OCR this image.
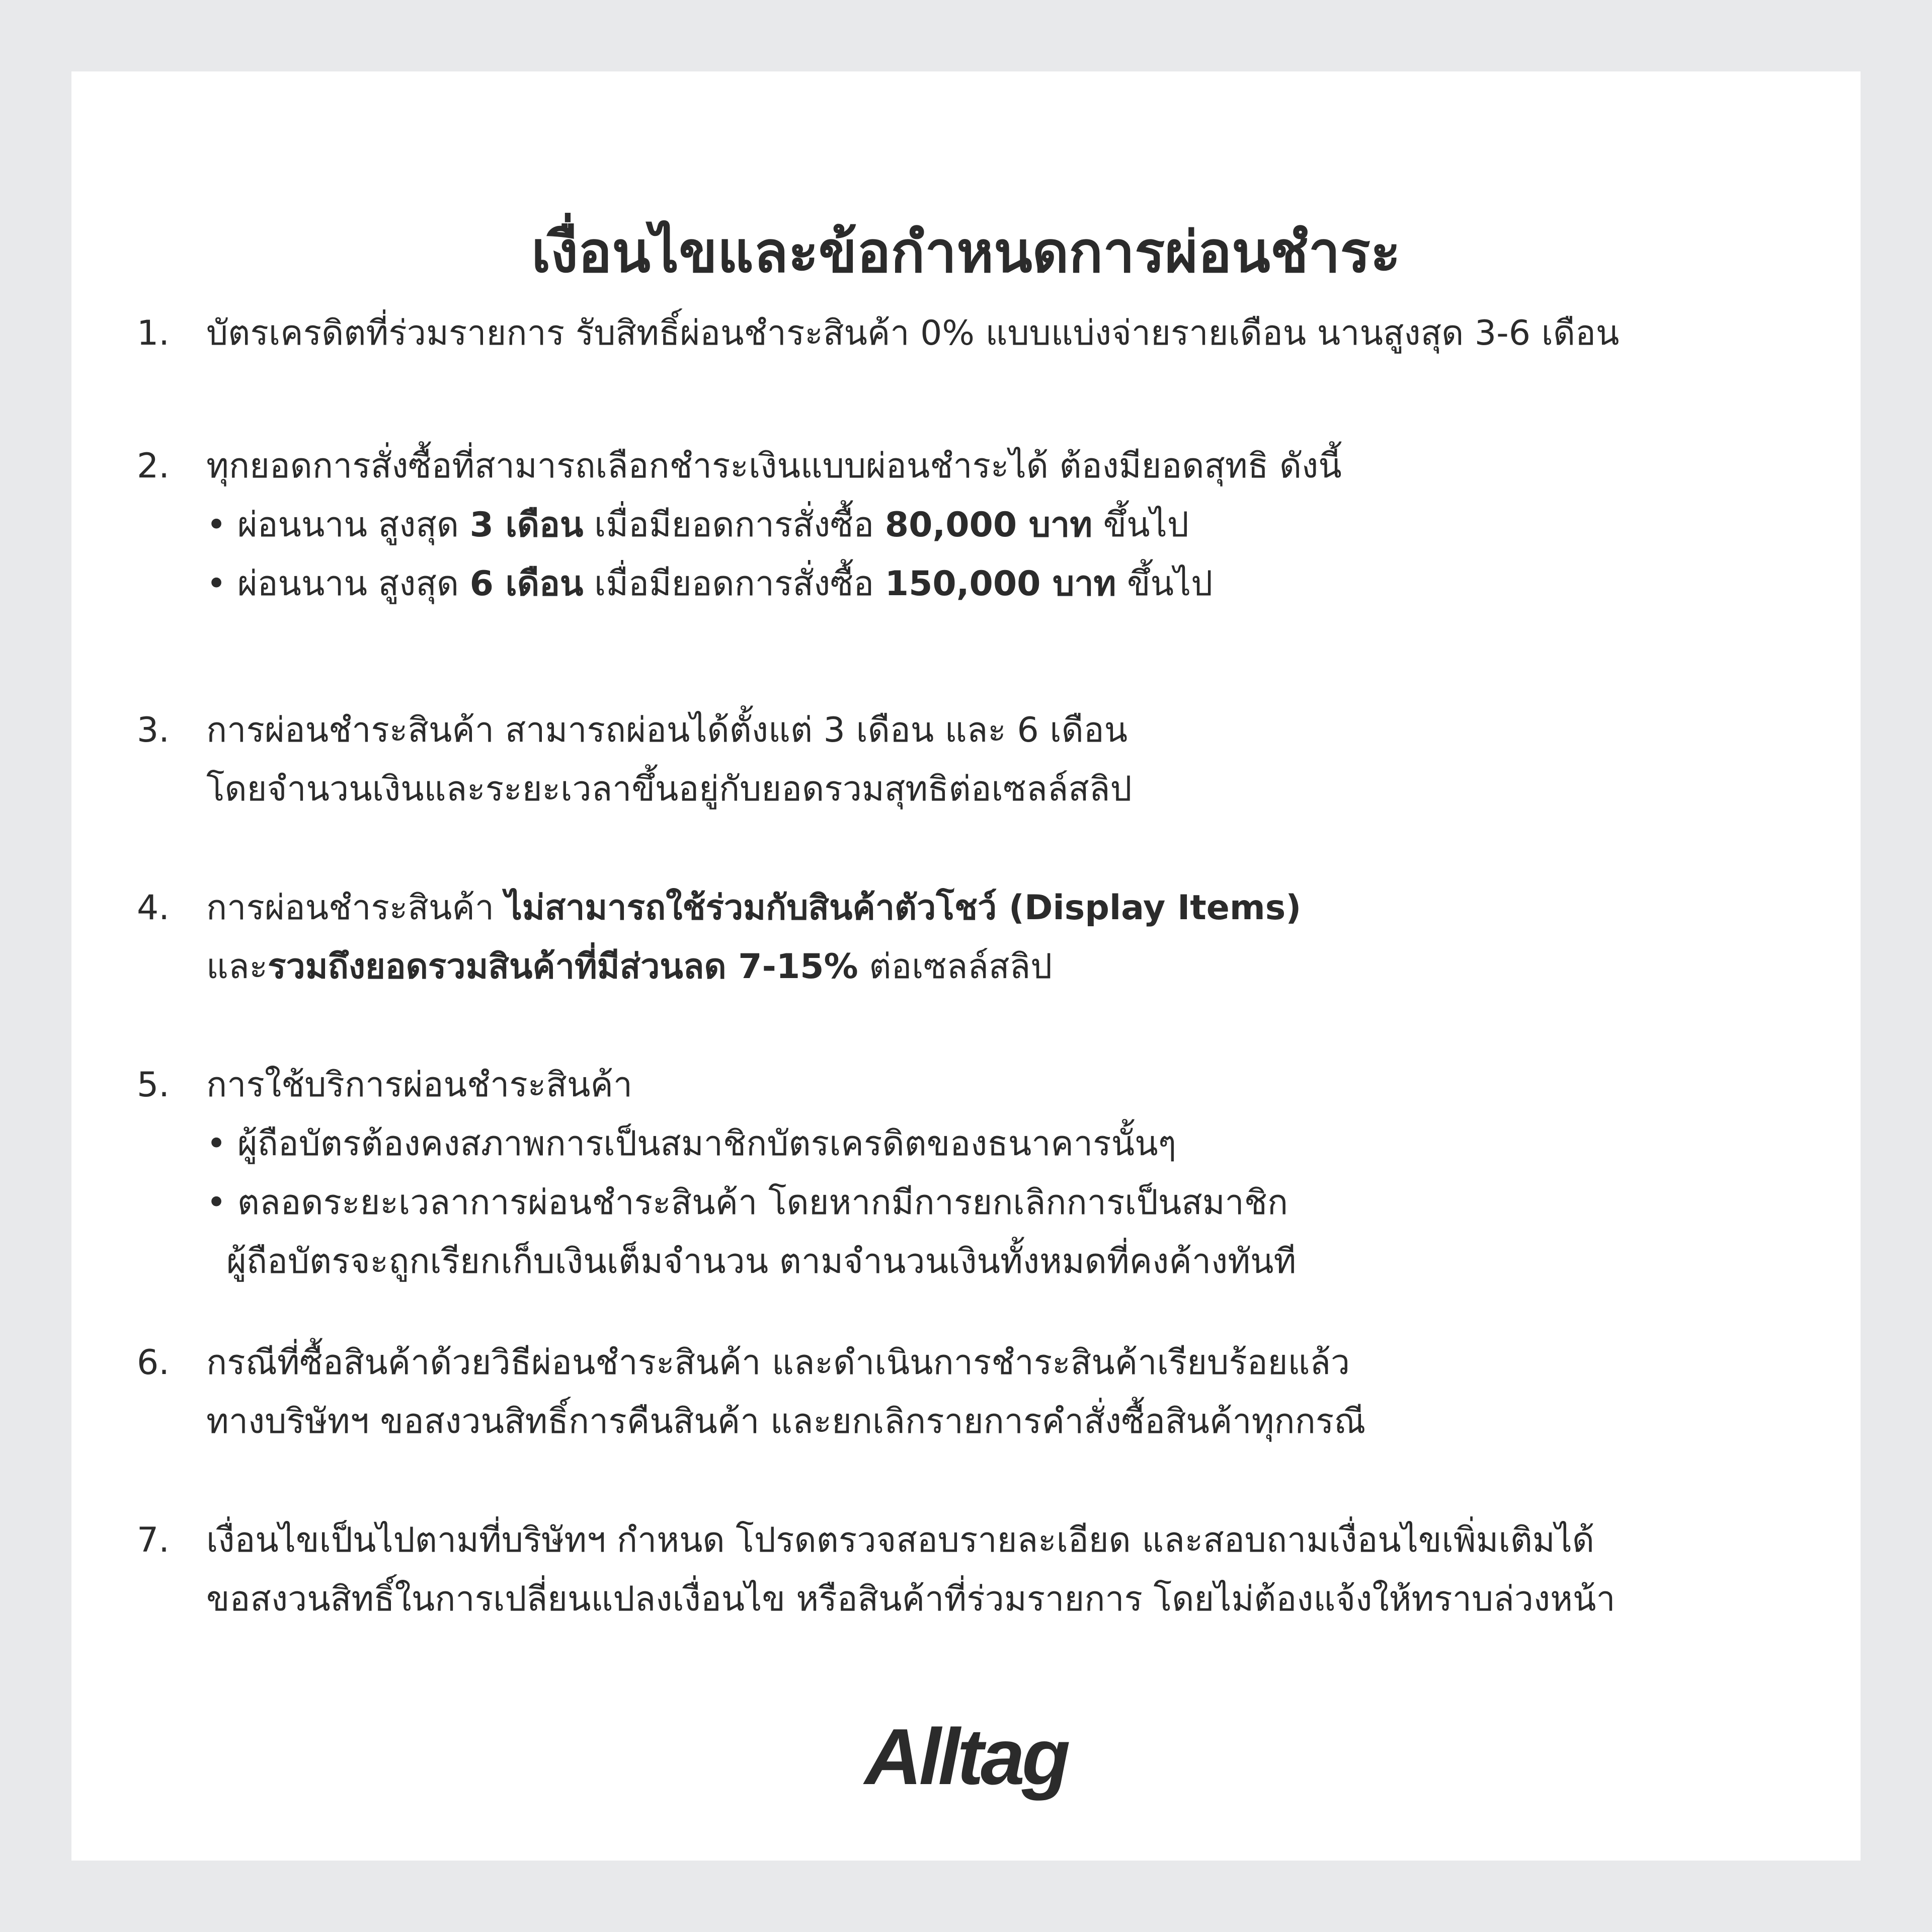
เงื่อนไขและข้อกำหนดการผ่อนชำระ
1. บัตรเครดิตที่ร่วมรายการ รับสิทธิ์ผ่อนชำระสินค้า 0% แบบแบ่งจ่ายรายเดือน นานสูงสุด 3-6 เดือน
2. ทุกยอดการสั่งซื้อที่สามารถเลือกชำระเงินแบบผ่อนชำระได้ ต้องมียอดสุทธิ ดังนี้
• ผ่อนนาน สูงสุด 3 เดือน เมื่อมียอดการสั่งซื้อ 80,000 บาท ขึ้นไป
• ผ่อนนาน สูงสุด 6 เดือน เมื่อมียอดการสั่งซื้อ 150,000 บาท ขึ้นไป
3. การผ่อนชำระสินค้า สามารถผ่อนได้ตั้งแต่ 3 เดือน และ 6 เดือน
โดยจำนวนเงินและระยะเวลาขึ้นอยู่กับยอดรวมสุทธิต่อเซลล์สลิป
4. การผ่อนชำระสินค้า ไม่สามารถใช้ร่วมกับสินค้าตัวโชว์ (Display Items)
และรวมถึงยอดรวมสินค้าที่มีส่วนลด 7-15% ต่อเซลล์สลิป
5. การใช้บริการผ่อนชำระสินค้า
• ผู้ถือบัตรต้องคงสภาพการเป็นสมาชิกบัตรเครดิตของธนาคารนั้นๆ
• ตลอดระยะเวลาการผ่อนชำระสินค้า โดยหากมีการยกเลิกการเป็นสมาชิก
ผู้ถือบัตรจะถูกเรียกเก็บเงินเต็มจำนวน ตามจำนวนเงินทั้งหมดที่คงค้างทันที
6. กรณีที่ซื้อสินค้าด้วยวิธีผ่อนชำระสินค้า และดำเนินการชำระสินค้าเรียบร้อยแล้ว
ทางบริษัทฯ ขอสงวนสิทธิ์การคืนสินค้า และยกเลิกรายการคำสั่งซื้อสินค้าทุกกรณี
7. เงื่อนไขเป็นไปตามที่บริษัทฯ กำหนด โปรดตรวจสอบรายละเอียด และสอบถามเงื่อนไขเพิ่มเติมได้
ขอสงวนสิทธิ์ในการเปลี่ยนแปลงเงื่อนไข หรือสินค้าที่ร่วมรายการ โดยไม่ต้องแจ้งให้ทราบล่วงหน้า
Alltag
